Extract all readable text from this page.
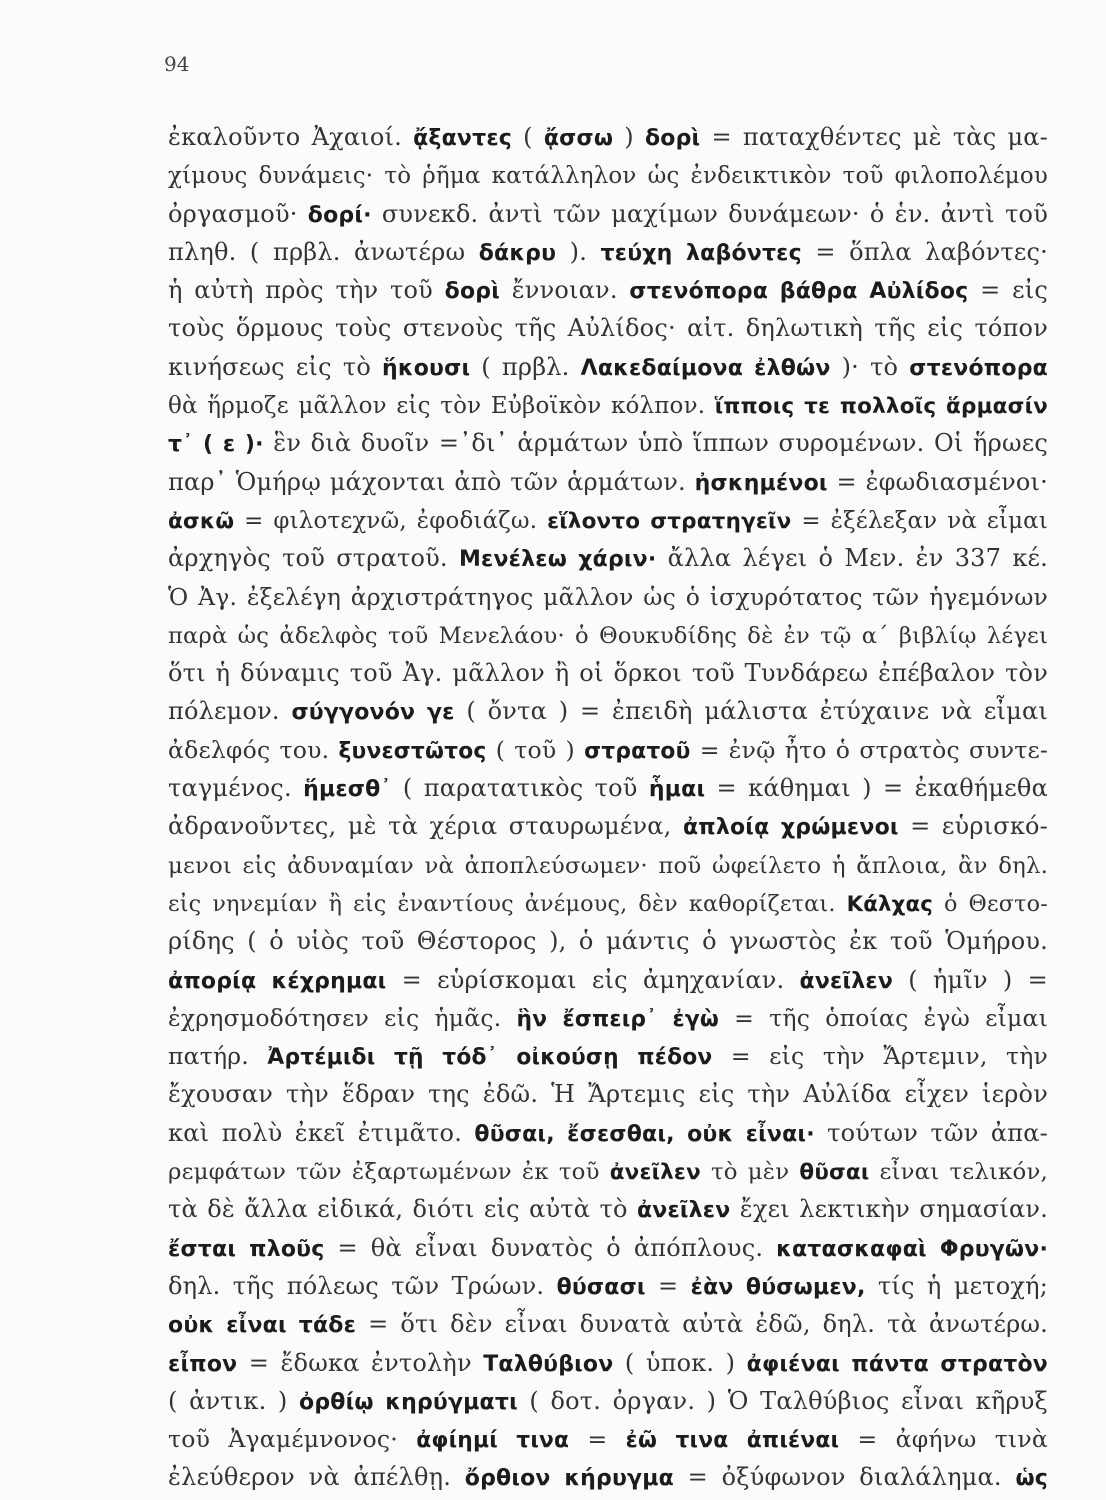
94
ἐκαλοῦντο Ἀχαιοί. ᾄξαντες ( ᾄσσω ) δορὶ = παταχθέντες μὲ τὰς μα-
χίμους δυνάμεις· τὸ ῥῆμα κατάλληλον ὡς ἐνδεικτικὸν τοῦ φιλοπολέμου
ὀργασμοῦ· δορί· συνεκδ. ἀντὶ τῶν μαχίμων δυνάμεων· ὁ ἑν. ἀντὶ τοῦ
πληθ. ( πρβλ. ἀνωτέρω δάκρυ ). τεύχη λαβόντες = ὅπλα λαβόντες·
ἡ αὐτὴ πρὸς τὴν τοῦ δορὶ ἔννοιαν. στενόπορα βάθρα Αὐλίδος = εἰς
τοὺς ὅρμους τοὺς στενοὺς τῆς Αὐλίδος· αἰτ. δηλωτικὴ τῆς εἰς τόπον
κινήσεως εἰς τὸ ἥκουσι ( πρβλ. Λακεδαίμονα ἐλθών )· τὸ στενόπορα
θὰ ἥρμοζε μᾶλλον εἰς τὸν Εὐβοϊκὸν κόλπον. ἵπποις τε πολλοῖς ἅρμασίν
τ᾽ ( ε )· ἓν διὰ δυοῖν =᾽δι᾽ ἁρμάτων ὑπὸ ἵππων συρομένων. Οἱ ἥρωες
παρ᾽ Ὁμήρῳ μάχονται ἀπὸ τῶν ἁρμάτων. ἠσκημένοι = ἐφωδιασμένοι·
ἀσκῶ = φιλοτεχνῶ, ἐφοδιάζω. εἵλοντο στρατηγεῖν = ἐξέλεξαν νὰ εἶμαι
ἀρχηγὸς τοῦ στρατοῦ. Μενέλεω χάριν· ἄλλα λέγει ὁ Μεν. ἐν 337 κέ.
Ὁ Ἀγ. ἐξελέγη ἀρχιστράτηγος μᾶλλον ὡς ὁ ἰσχυρότατος τῶν ἡγεμόνων
παρὰ ὡς ἀδελφὸς τοῦ Μενελάου· ὁ Θουκυδίδης δὲ ἐν τῷ α΄ βιβλίῳ λέγει
ὅτι ἡ δύναμις τοῦ Ἀγ. μᾶλλον ἢ οἱ ὅρκοι τοῦ Τυνδάρεω ἐπέβαλον τὸν
πόλεμον. σύγγονόν γε ( ὄντα ) = ἐπειδὴ μάλιστα ἐτύχαινε νὰ εἶμαι
ἀδελφός του. ξυνεστῶτος ( τοῦ ) στρατοῦ = ἐνῷ ἦτο ὁ στρατὸς συντε-
ταγμένος. ἥμεσθ᾽ ( παρατατικὸς τοῦ ἧμαι = κάθημαι ) = ἐκαθήμεθα
ἀδρανοῦντες, μὲ τὰ χέρια σταυρωμένα, ἀπλοίᾳ χρώμενοι = εὑρισκό-
μενοι εἰς ἀδυναμίαν νὰ ἀποπλεύσωμεν· ποῦ ὠφείλετο ἡ ἄπλοια, ἂν δηλ.
εἰς νηνεμίαν ἢ εἰς ἐναντίους ἀνέμους, δὲν καθορίζεται. Κάλχας ὁ Θεστο-
ρίδης ( ὁ υἱὸς τοῦ Θέστορος ), ὁ μάντις ὁ γνωστὸς ἐκ τοῦ Ὁμήρου.
ἀπορίᾳ κέχρημαι = εὑρίσκομαι εἰς ἀμηχανίαν. ἀνεῖλεν ( ἡμῖν ) =
ἐχρησμοδότησεν εἰς ἡμᾶς. ἣν ἔσπειρ᾽ ἐγὼ = τῆς ὁποίας ἐγὼ εἶμαι
πατήρ. Ἀρτέμιδι τῇ τόδ᾽ οἰκούσῃ πέδον = εἰς τὴν Ἄρτεμιν, τὴν
ἔχουσαν τὴν ἕδραν της ἐδῶ. Ἡ Ἄρτεμις εἰς τὴν Αὐλίδα εἶχεν ἱερὸν
καὶ πολὺ ἐκεῖ ἐτιμᾶτο. θῦσαι, ἔσεσθαι, οὐκ εἶναι· τούτων τῶν ἀπα-
ρεμφάτων τῶν ἐξαρτωμένων ἐκ τοῦ ἀνεῖλεν τὸ μὲν θῦσαι εἶναι τελικόν,
τὰ δὲ ἄλλα εἰδικά, διότι εἰς αὐτὰ τὸ ἀνεῖλεν ἔχει λεκτικὴν σημασίαν.
ἔσται πλοῦς = θὰ εἶναι δυνατὸς ὁ ἀπόπλους. κατασκαφαὶ Φρυγῶν·
δηλ. τῆς πόλεως τῶν Τρώων. θύσασι = ἐὰν θύσωμεν, τίς ἡ μετοχή;
οὐκ εἶναι τάδε = ὅτι δὲν εἶναι δυνατὰ αὐτὰ ἐδῶ, δηλ. τὰ ἀνωτέρω.
εἶπον = ἔδωκα ἐντολὴν Ταλθύβιον ( ὑποκ. ) ἀφιέναι πάντα στρατὸν
( ἀντικ. ) ὀρθίῳ κηρύγματι ( δοτ. ὀργαν. ) Ὁ Ταλθύβιος εἶναι κῆρυξ
τοῦ Ἀγαμέμνονος· ἀφίημί τινα = ἐῶ τινα ἀπιέναι = ἀφήνω τινὰ
ἐλεύθερον νὰ ἀπέλθῃ. ὄρθιον κήρυγμα = ὀξύφωνον διαλάλημα. ὡς
